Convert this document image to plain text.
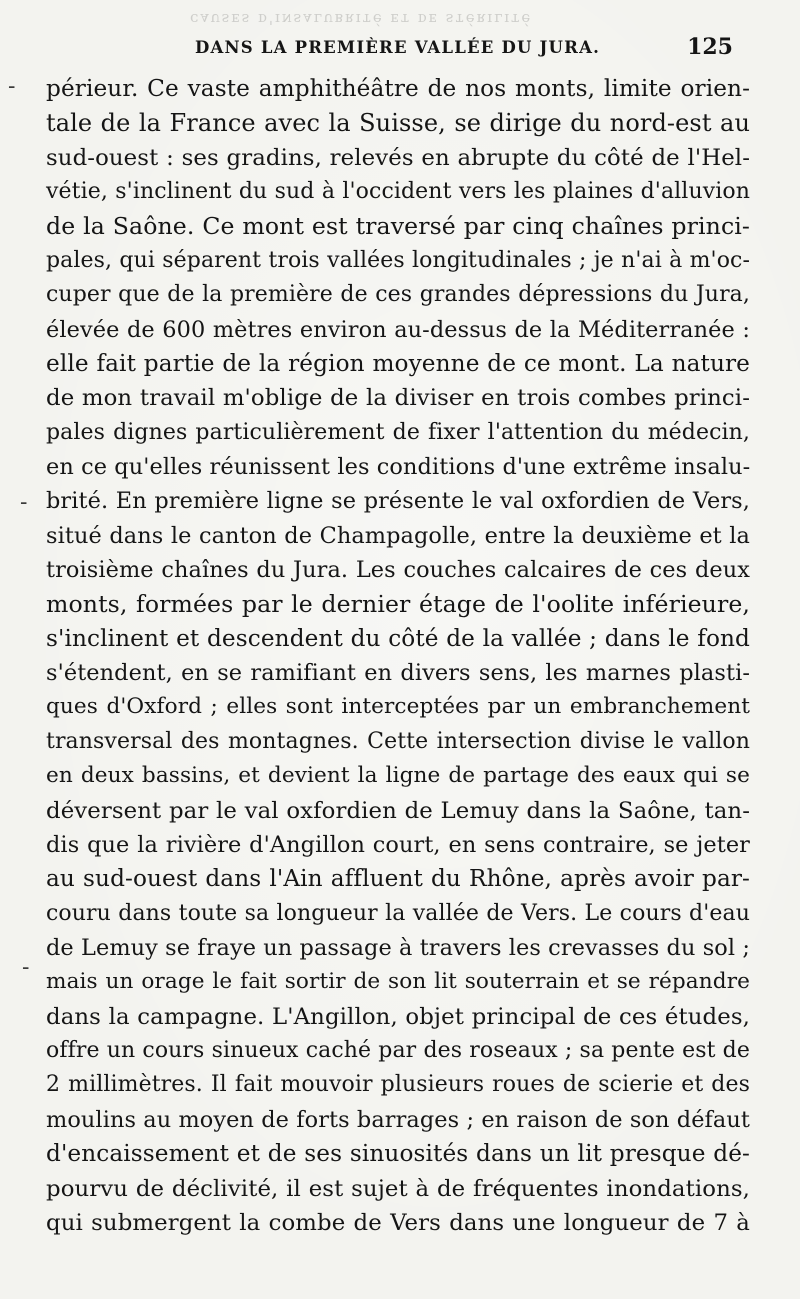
ᴄᴀᴜsᴇs ᴅ'ɪɴsᴀʟᴜʙʀɪᴛé ᴇᴛ ᴅᴇ sᴛéʀɪʟɪᴛé
DANS LA PREMIÈRE VALLÉE DU JURA.	125
-
-
-
périeur. Ce vaste amphithéâtre de nos monts, limite orien-
tale de la France avec la Suisse, se dirige du nord-est au
sud-ouest : ses gradins, relevés en abrupte du côté de l'Hel-
vétie, s'inclinent du sud à l'occident vers les plaines d'alluvion
de la Saône. Ce mont est traversé par cinq chaînes princi-
pales, qui séparent trois vallées longitudinales ; je n'ai à m'oc-
cuper que de la première de ces grandes dépressions du Jura,
élevée de 600 mètres environ au-dessus de la Méditerranée :
elle fait partie de la région moyenne de ce mont. La nature
de mon travail m'oblige de la diviser en trois combes princi-
pales dignes particulièrement de fixer l'attention du médecin,
en ce qu'elles réunissent les conditions d'une extrême insalu-
brité. En première ligne se présente le val oxfordien de Vers,
situé dans le canton de Champagolle, entre la deuxième et la
troisième chaînes du Jura. Les couches calcaires de ces deux
monts, formées par le dernier étage de l'oolite inférieure,
s'inclinent et descendent du côté de la vallée ; dans le fond
s'étendent, en se ramifiant en divers sens, les marnes plasti-
ques d'Oxford ; elles sont interceptées par un embranchement
transversal des montagnes. Cette intersection divise le vallon
en deux bassins, et devient la ligne de partage des eaux qui se
déversent par le val oxfordien de Lemuy dans la Saône, tan-
dis que la rivière d'Angillon court, en sens contraire, se jeter
au sud-ouest dans l'Ain affluent du Rhône, après avoir par-
couru dans toute sa longueur la vallée de Vers. Le cours d'eau
de Lemuy se fraye un passage à travers les crevasses du sol ;
mais un orage le fait sortir de son lit souterrain et se répandre
dans la campagne. L'Angillon, objet principal de ces études,
offre un cours sinueux caché par des roseaux ; sa pente est de
2 millimètres. Il fait mouvoir plusieurs roues de scierie et des
moulins au moyen de forts barrages ; en raison de son défaut
d'encaissement et de ses sinuosités dans un lit presque dé-
pourvu de déclivité, il est sujet à de fréquentes inondations,
qui submergent la combe de Vers dans une longueur de 7 à
